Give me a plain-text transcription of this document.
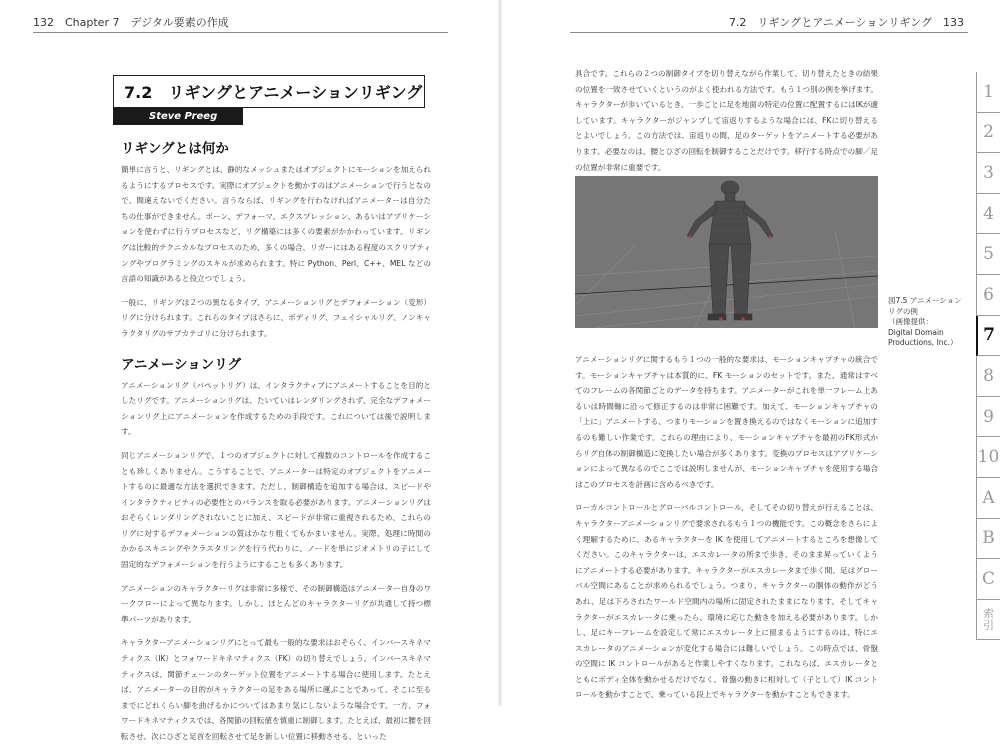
132　Chapter 7　デジタル要素の作成	7.2　リギングとアニメーションリギング　133
7.2　リギングとアニメーションリギング
Steve Preeg
リギングとは何か

簡単に言うと、リギングとは、静的なメッシュまたはオブジェクトにモーションを加えられるようにするプロセスです。実際にオブジェクトを動かすのはアニメーションで行うとなので、間違えないでください。言うならば、リギングを行わなければアニメーターは自分たちの仕事ができません。ボーン、デフォーマ、エクスプレッション、あるいはアプリケーションを使わずに行うプロセスなど、リグ構築には多くの要素がかかわっています。リギングは比較的テクニカルなプロセスのため、多くの場合、リガーにはある程度のスクリプティングやプログラミングのスキルが求められます。特に Python、Perl、C++、MEL などの言語の知識があると役立つでしょう。

一般に、リギングは２つの異なるタイプ、アニメーションリグとデフォメーション（変形）リグに分けられます。これらのタイプはさらに、ボディリグ、フェイシャルリグ、ノンキャラクタリグのサブカテゴリに分けられます。

アニメーションリグ

アニメーションリグ（パペットリグ）は、インタラクティブにアニメートすることを目的としたリグです。アニメーションリグは、たいていはレンダリングされず、完全なデフォメーションリグ上にアニメーションを作成するための手段です。これについては後で説明します。

同じアニメーションリグで、１つのオブジェクトに対して複数のコントロールを作成することも珍しくありません。こうすることで、アニメーターは特定のオブジェクトをアニメートするのに最適な方法を選択できます。ただし、制御構造を追加する場合は、スピードやインタラクティビティの必要性とのバランスを取る必要があります。アニメーションリグはおそらくレンダリングされないことに加え、スピードが非常に重視されるため、これらのリグに対するデフォメーションの質はかなり粗くてもかまいません。実際、処理に時間のかかるスキニングやクラスタリングを行う代わりに、ノードを単にジオメトリの子にして固定的なデフォメーションを行うようにすることも多くあります。

アニメーションのキャラクターリグは非常に多様で、その制御構造はアニメーター自身のワークフローによって異なります。しかし、ほとんどのキャラクターリグが共通して持つ標準パーツがあります。

キャラクターアニメーションリグにとって最も一般的な要求はおそらく、インバースキネマティクス（IK）とフォワードキネマティクス（FK）の切り替えでしょう。インバースキネマティクスは、関節チェーンのターゲット位置をアニメートする場合に使用します。たとえば、アニメーターの目的がキャラクターの足をある場所に運ぶことであって、そこに至るまでにどれくらい脚を曲げるかについてはあまり気にしないような場合です。一方、フォワードキネマティクスでは、各関節の回転値を慎重に制御します。たとえば、最初に腰を回転させ、次にひざと足首を回転させて足を新しい位置に移動させる、といった

具合です。これらの２つの制御タイプを切り替えながら作業して、切り替えたときの結果の位置を一致させていくというのがよく使われる方法です。もう１つ別の例を挙げます。キャラクターが歩いているとき、一歩ごとに足を地面の特定の位置に配置するにはIKが適しています。キャラクターがジャンプして宙返りするような場合には、FKに切り替えるとよいでしょう。この方法では、宙返りの間、足のターゲットをアニメートする必要があります。必要なのは、腰とひざの回転を制御することだけです。移行する時点での脚／足の位置が非常に重要です。

図7.5 アニメーションリグの例
（画像提供：
Digital Domain Productions, Inc.）

アニメーションリグに関するもう１つの一般的な要求は、モーションキャプチャの統合です。モーションキャプチャは本質的に、FK モーションのセットです。また、通常はすべてのフレームの各関節ごとのデータを持ちます。アニメーターがこれを単一フレーム上あるいは時間軸に沿って修正するのは非常に困難です。加えて、モーションキャプチャの「上に」アニメートする、つまりモーションを置き換えるのではなくモーションに追加するのも難しい作業です。これらの理由により、モーションキャプチャを最初のFK形式からリグ自体の制御構造に変換したい場合が多くあります。変換のプロセスはアプリケーションによって異なるのでここでは説明しませんが、モーションキャプチャを使用する場合はこのプロセスを計画に含めるべきです。

ローカルコントロールとグローバルコントロール、そしてその切り替えが行えることは、キャラクターアニメーションリグで要求されるもう１つの機能です。この概念をさらによく理解するために、あるキャラクターを IK を使用してアニメートするところを想像してください。このキャラクターは、エスカレータの所まで歩き、そのまま昇っていくようにアニメートする必要があります。キャラクターがエスカレータまで歩く間、足はグローバル空間にあることが求められるでしょう。つまり、キャラクターの胴体の動作がどうあれ、足は下ろされたワールド空間内の場所に固定されたままになります。そしてキャラクターがエスカレータに乗ったら、環境に応じた動きを加える必要があります。しかし、足にキーフレームを設定して常にエスカレータ上に留まるようにするのは、特にエスカレータのアニメーションが変化する場合には難しいでしょう。この時点では、骨盤の空間に IK コントロールがあると作業しやすくなります。これならば、エスカレータとともにボディ全体を動かせるだけでなく、骨盤の動きに相対して（子として）IK コントロールを動かすことで、乗っている段上でキャラクターを動かすこともできます。

1
2
3
4
5
6
7
8
9
10
A
B
C
索
引
